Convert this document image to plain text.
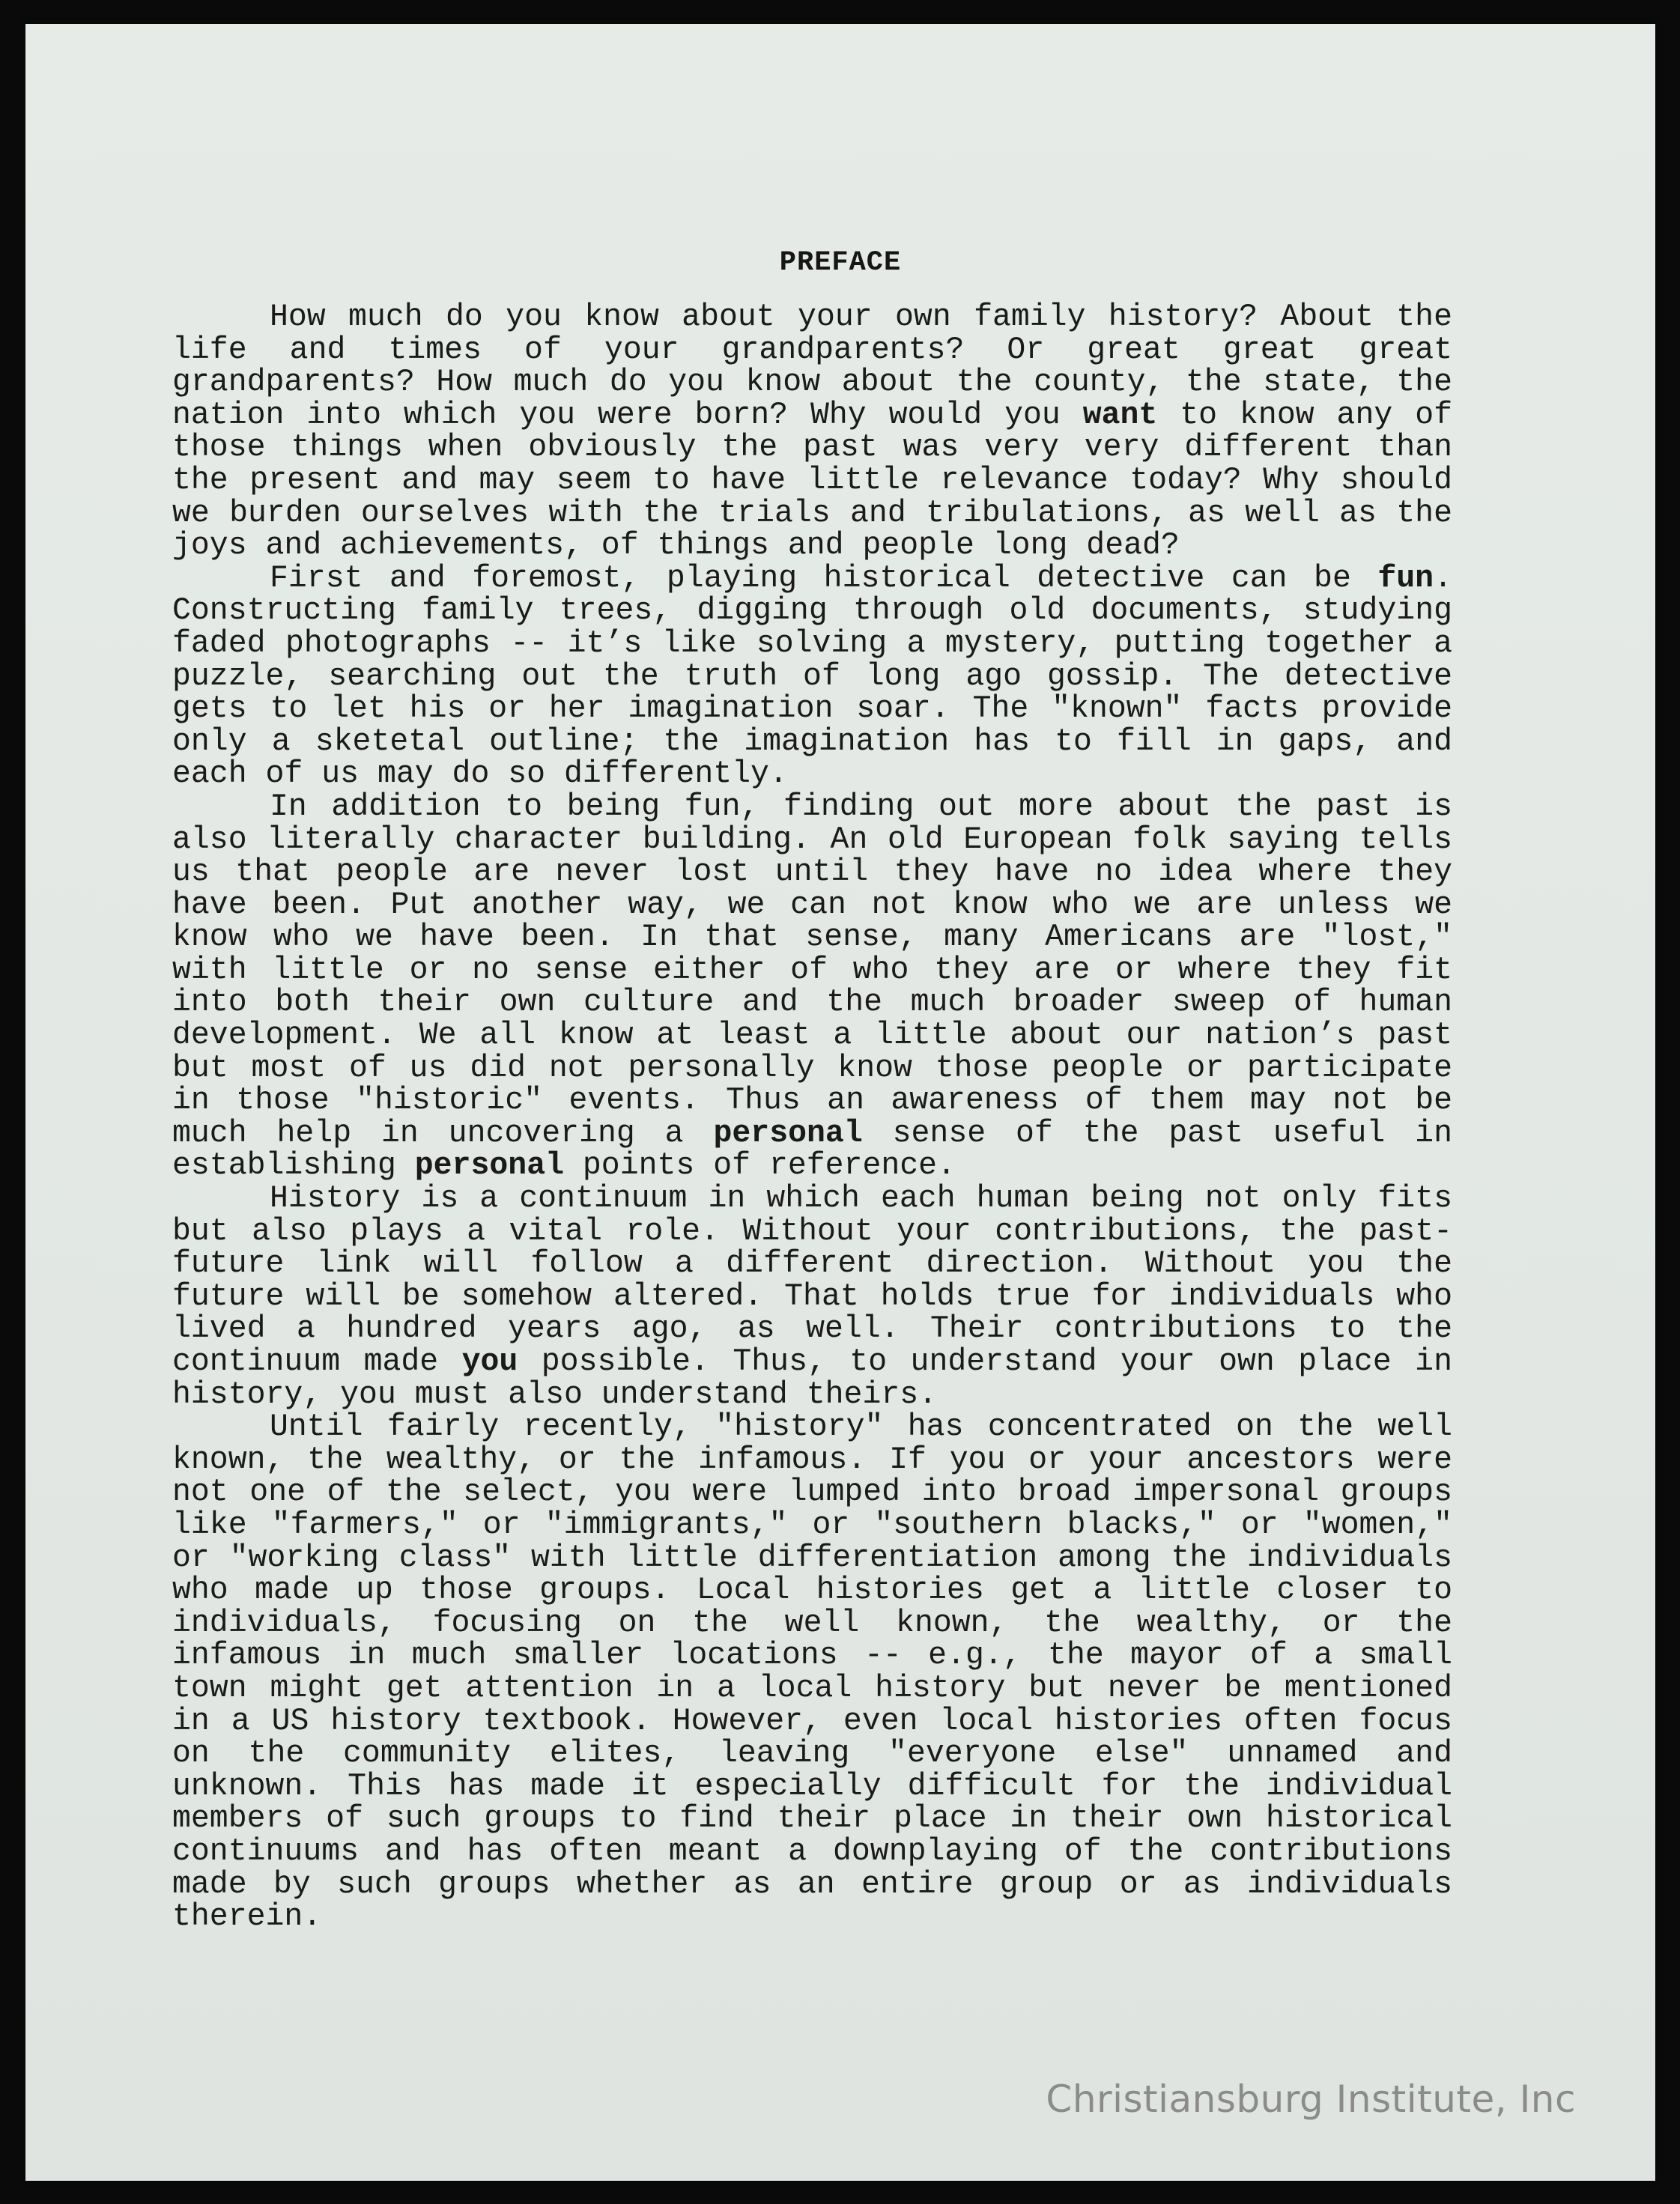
PREFACE

How much do you know about your own family history? About the life and times of your grandparents? Or great great great grandparents? How much do you know about the county, the state, the nation into which you were born? Why would you want to know any of those things when obviously the past was very very different than the present and may seem to have little relevance today? Why should we burden ourselves with the trials and tribulations, as well as the joys and achievements, of things and people long dead?

First and foremost, playing historical detective can be fun. Constructing family trees, digging through old documents, studying faded photographs -- it’s like solving a mystery, putting together a puzzle, searching out the truth of long ago gossip. The detective gets to let his or her imagination soar. The "known" facts provide only a sketetal outline; the imagination has to fill in gaps, and each of us may do so differently.

In addition to being fun, finding out more about the past is also literally character building. An old European folk saying tells us that people are never lost until they have no idea where they have been. Put another way, we can not know who we are unless we know who we have been. In that sense, many Americans are "lost," with little or no sense either of who they are or where they fit into both their own culture and the much broader sweep of human development. We all know at least a little about our nation’s past but most of us did not personally know those people or participate in those "historic" events. Thus an awareness of them may not be much help in uncovering a personal sense of the past useful in establishing personal points of reference.

History is a continuum in which each human being not only fits but also plays a vital role. Without your contributions, the past-future link will follow a different direction. Without you the future will be somehow altered. That holds true for individuals who lived a hundred years ago, as well. Their contributions to the continuum made you possible. Thus, to understand your own place in history, you must also understand theirs.

Until fairly recently, "history" has concentrated on the well known, the wealthy, or the infamous. If you or your ancestors were not one of the select, you were lumped into broad impersonal groups like "farmers," or "immigrants," or "southern blacks," or "women," or "working class" with little differentiation among the individuals who made up those groups. Local histories get a little closer to individuals, focusing on the well known, the wealthy, or the infamous in much smaller locations -- e.g., the mayor of a small town might get attention in a local history but never be mentioned in a US history textbook. However, even local histories often focus on the community elites, leaving "everyone else" unnamed and unknown. This has made it especially difficult for the individual members of such groups to find their place in their own historical continuums and has often meant a downplaying of the contributions made by such groups whether as an entire group or as individuals therein.

Christiansburg Institute, Inc
